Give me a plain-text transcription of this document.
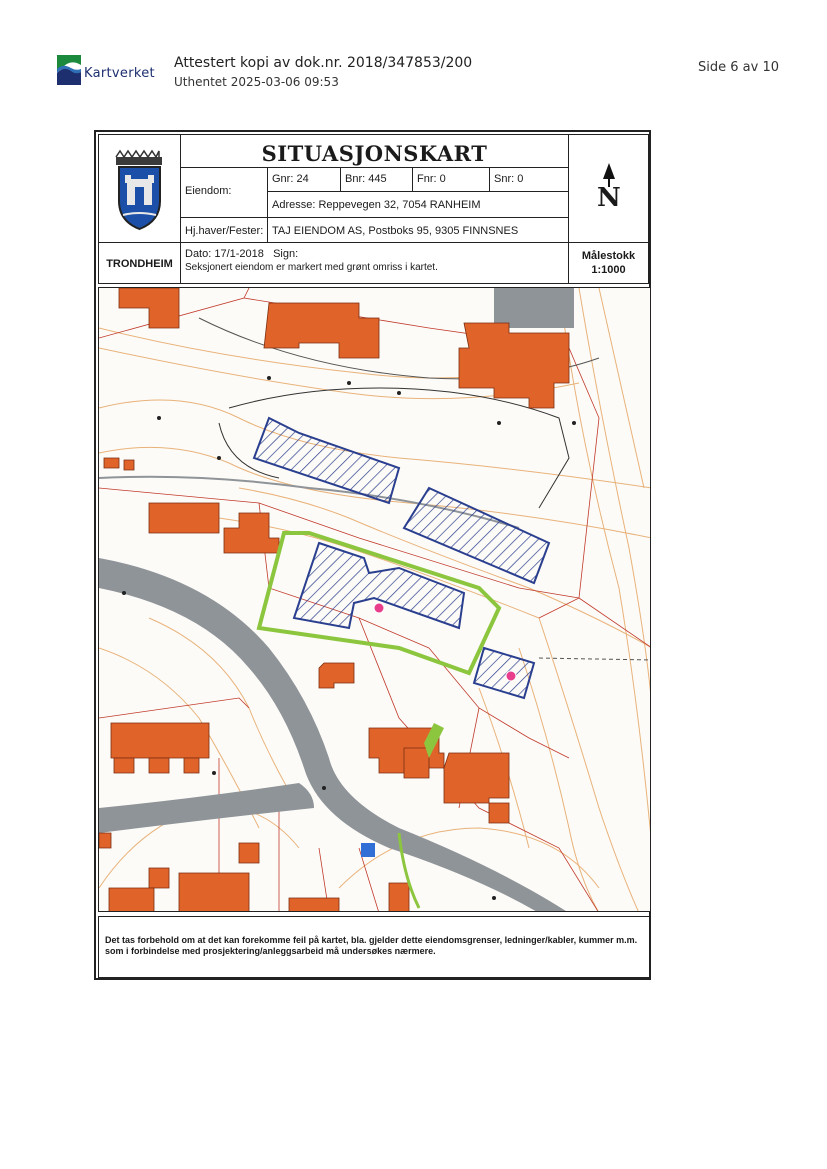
Kartverket
Attestert kopi av dok.nr. 2018/347853/200
Uthentet 2025-03-06 09:53
Side 6 av 10
SITUASJONSKART
N
Eiendom:
Gnr: 24	Bnr: 445	Fnr: 0	Snr: 0
Adresse: Reppevegen 32, 7054 RANHEIM
Hj.haver/Fester: TAJ EIENDOM AS, Postboks 95, 9305 FINNSNES
TRONDHEIM
Dato: 17/1-2018 Sign:
Seksjonert eiendom er markert med grønt omriss i kartet.
Målestokk
1:1000
Det tas forbehold om at det kan forekomme feil på kartet, bla. gjelder dette eiendomsgrenser, ledninger/kabler, kummer m.m. som i forbindelse med prosjektering/anleggsarbeid må undersøkes nærmere.
